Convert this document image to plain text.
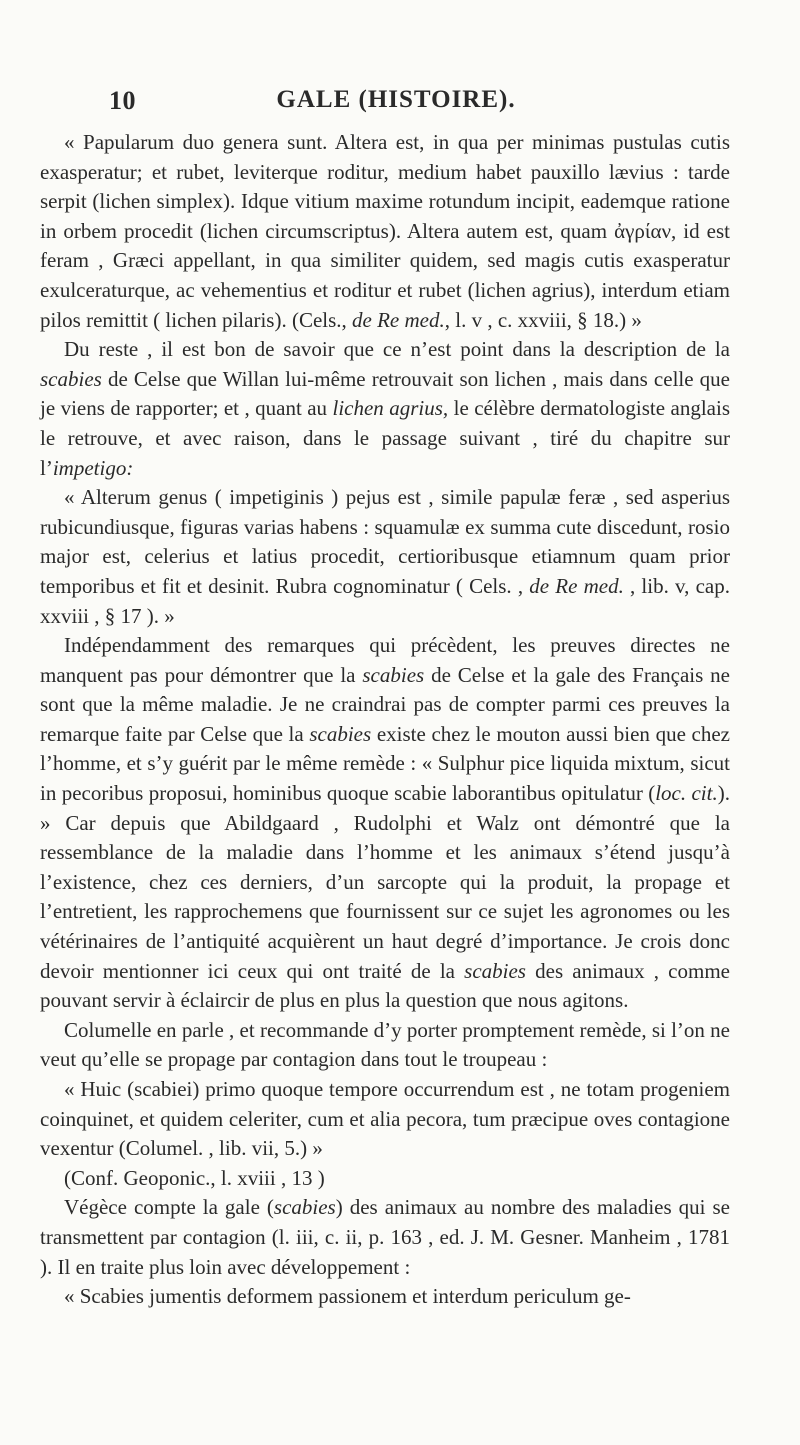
10	GALE (HISTOIRE).

« Papularum duo genera sunt. Altera est, in qua per minimas pustulas cutis exasperatur; et rubet, leviterque roditur, medium habet pauxillo lævius : tarde serpit (lichen simplex). Idque vitium maxime rotundum incipit, eademque ratione in orbem procedit (lichen circumscriptus). Altera autem est, quam ἀγρίαν, id est feram , Græci appellant, in qua similiter quidem, sed magis cutis exasperatur exulceraturque, ac vehementius et roditur et rubet (lichen agrius), interdum etiam pilos remittit ( lichen pilaris). (Cels., de Re med., l. v , c. xxviii, § 18.) »

Du reste , il est bon de savoir que ce n’est point dans la description de la scabies de Celse que Willan lui-même retrouvait son lichen , mais dans celle que je viens de rapporter; et , quant au lichen agrius, le célèbre dermatologiste anglais le retrouve, et avec raison, dans le passage suivant , tiré du chapitre sur l’impetigo:

« Alterum genus ( impetiginis ) pejus est , simile papulæ feræ , sed asperius rubicundiusque, figuras varias habens : squamulæ ex summa cute discedunt, rosio major est, celerius et latius procedit, certioribusque etiamnum quam prior temporibus et fit et desinit. Rubra cognominatur ( Cels. , de Re med. , lib. v, cap. xxviii , § 17 ). »

Indépendamment des remarques qui précèdent, les preuves directes ne manquent pas pour démontrer que la scabies de Celse et la gale des Français ne sont que la même maladie. Je ne craindrai pas de compter parmi ces preuves la remarque faite par Celse que la scabies existe chez le mouton aussi bien que chez l’homme, et s’y guérit par le même remède : « Sulphur pice liquida mixtum, sicut in pecoribus proposui, hominibus quoque scabie laborantibus opitulatur (loc. cit.). » Car depuis que Abildgaard , Rudolphi et Walz ont démontré que la ressemblance de la maladie dans l’homme et les animaux s’étend jusqu’à l’existence, chez ces derniers, d’un sarcopte qui la produit, la propage et l’entretient, les rapprochemens que fournissent sur ce sujet les agronomes ou les vétérinaires de l’antiquité acquièrent un haut degré d’importance. Je crois donc devoir mentionner ici ceux qui ont traité de la scabies des animaux , comme pouvant servir à éclaircir de plus en plus la question que nous agitons.

Columelle en parle , et recommande d’y porter promptement remède, si l’on ne veut qu’elle se propage par contagion dans tout le troupeau :

« Huic (scabiei) primo quoque tempore occurrendum est , ne totam progeniem coinquinet, et quidem celeriter, cum et alia pecora, tum præcipue oves contagione vexentur (Columel. , lib. vii, 5.) »

(Conf. Geoponic., l. xviii , 13 )

Végèce compte la gale (scabies) des animaux au nombre des maladies qui se transmettent par contagion (l. iii, c. ii, p. 163 , ed. J. M. Gesner. Manheim , 1781 ). Il en traite plus loin avec développement :

« Scabies jumentis deformem passionem et interdum periculum ge-
